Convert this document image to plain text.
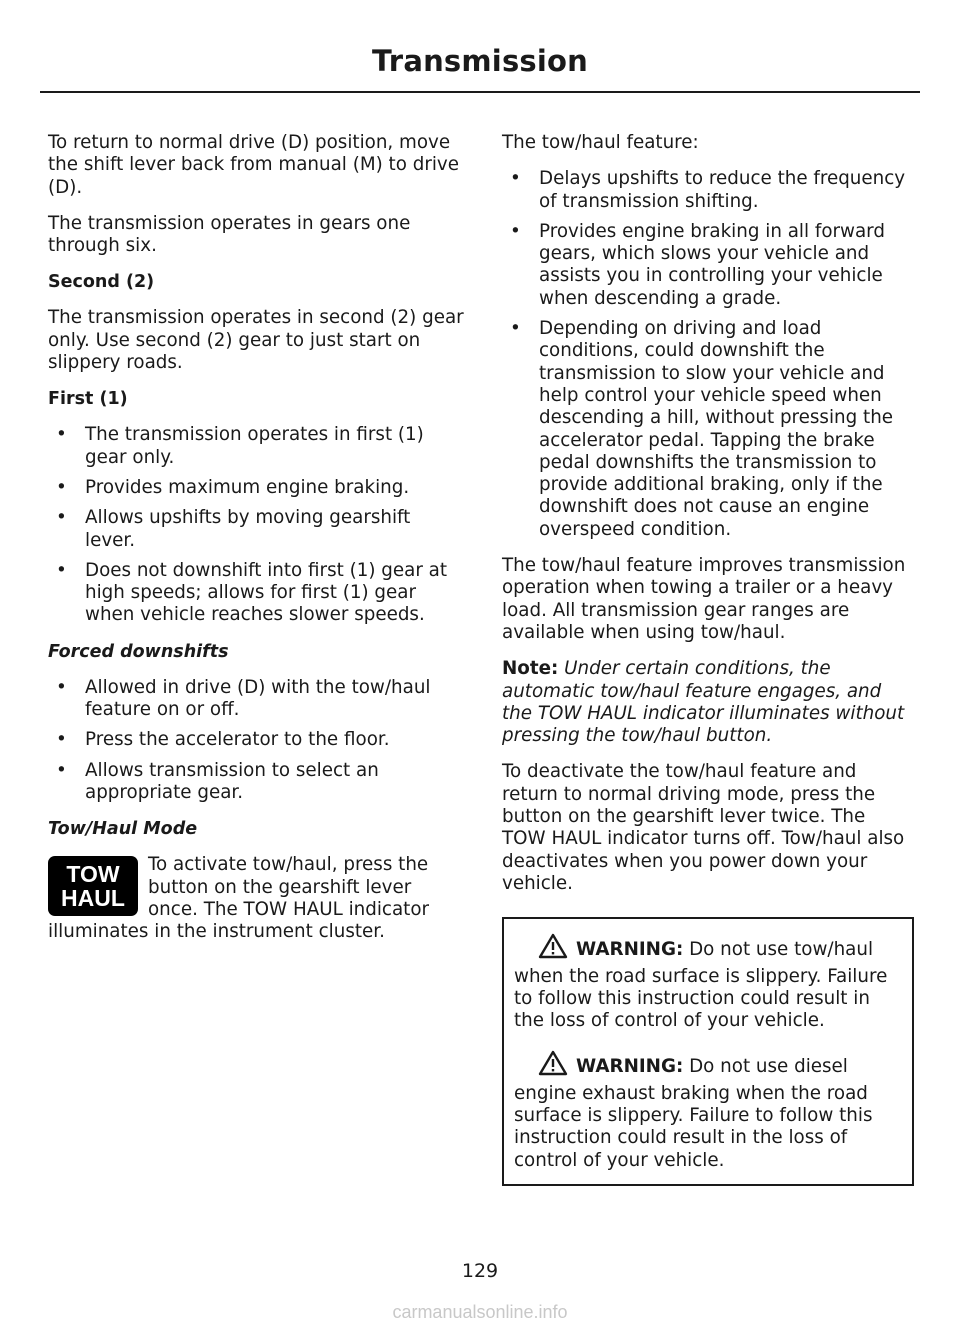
Transmission

To return to normal drive (D) position, move the shift lever back from manual (M) to drive (D).

The transmission operates in gears one through six.

Second (2)

The transmission operates in second (2) gear only. Use second (2) gear to just start on slippery roads.

First (1)
• The transmission operates in first (1) gear only.
• Provides maximum engine braking.
• Allows upshifts by moving gearshift lever.
• Does not downshift into first (1) gear at high speeds; allows for first (1) gear when vehicle reaches slower speeds.
Forced downshifts
• Allowed in drive (D) with the tow/haul feature on or off.
• Press the accelerator to the floor.
• Allows transmission to select an appropriate gear.
Tow/Haul Mode
TOW
HAUL
To activate tow/haul, press the button on the gearshift lever once. The TOW HAUL indicator illuminates in the instrument cluster.

The tow/haul feature:

• Delays upshifts to reduce the frequency of transmission shifting.
• Provides engine braking in all forward gears, which slows your vehicle and assists you in controlling your vehicle when descending a grade.
• Depending on driving and load conditions, could downshift the transmission to slow your vehicle and help control your vehicle speed when descending a hill, without pressing the accelerator pedal. Tapping the brake pedal downshifts the transmission to provide additional braking, only if the downshift does not cause an engine overspeed condition.

The tow/haul feature improves transmission operation when towing a trailer or a heavy load. All transmission gear ranges are available when using tow/haul.

Note: Under certain conditions, the automatic tow/haul feature engages, and the TOW HAUL indicator illuminates without pressing the tow/haul button.

To deactivate the tow/haul feature and return to normal driving mode, press the button on the gearshift lever twice. The TOW HAUL indicator turns off. Tow/haul also deactivates when you power down your vehicle.

WARNING: Do not use tow/haul when the road surface is slippery. Failure to follow this instruction could result in the loss of control of your vehicle.
WARNING: Do not use diesel engine exhaust braking when the road surface is slippery. Failure to follow this instruction could result in the loss of control of your vehicle.
129
carmanualsonline.info
